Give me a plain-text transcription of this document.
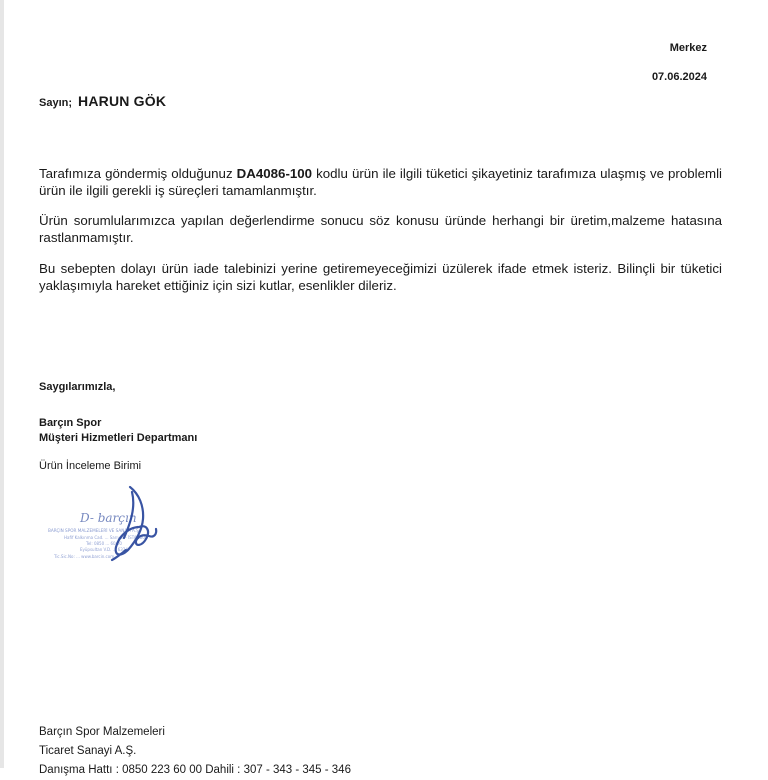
Merkez
07.06.2024
Sayın; HARUN GÖK
Tarafımıza göndermiş olduğunuz DA4086-100 kodlu ürün ile ilgili tüketici şikayetiniz tarafımıza ulaşmış ve problemli ürün ile ilgili gerekli iş süreçleri tamamlanmıştır.
Ürün sorumlularımızca yapılan değerlendirme sonucu söz konusu üründe herhangi bir üretim,malzeme hatasına rastlanmamıştır.
Bu sebepten dolayı ürün iade talebinizi yerine getiremeyeceğimizi üzülerek ifade etmek isteriz. Bilinçli bir tüketici yaklaşımıyla hareket ettiğiniz için sizi kutlar, esenlikler dileriz.
Saygılarımızla,
Barçın Spor
Müşteri Hizmetleri Departmanı
Ürün İnceleme Birimi
D- barçın
BARÇIN SPOR MALZEMELERİ VE SANAYİ A.Ş.
Hafif Kalkınma Cad. ... Sarıyer - İSTANBUL
Tel: 0850 ... 60 00
Eyüpsultan V.D. ... 6324
Tic.Sic.No: ... www.barcin.com
Barçın Spor Malzemeleri
Ticaret Sanayi A.Ş.
Danışma Hattı : 0850 223 60 00 Dahili : 307 - 343 - 345 - 346
